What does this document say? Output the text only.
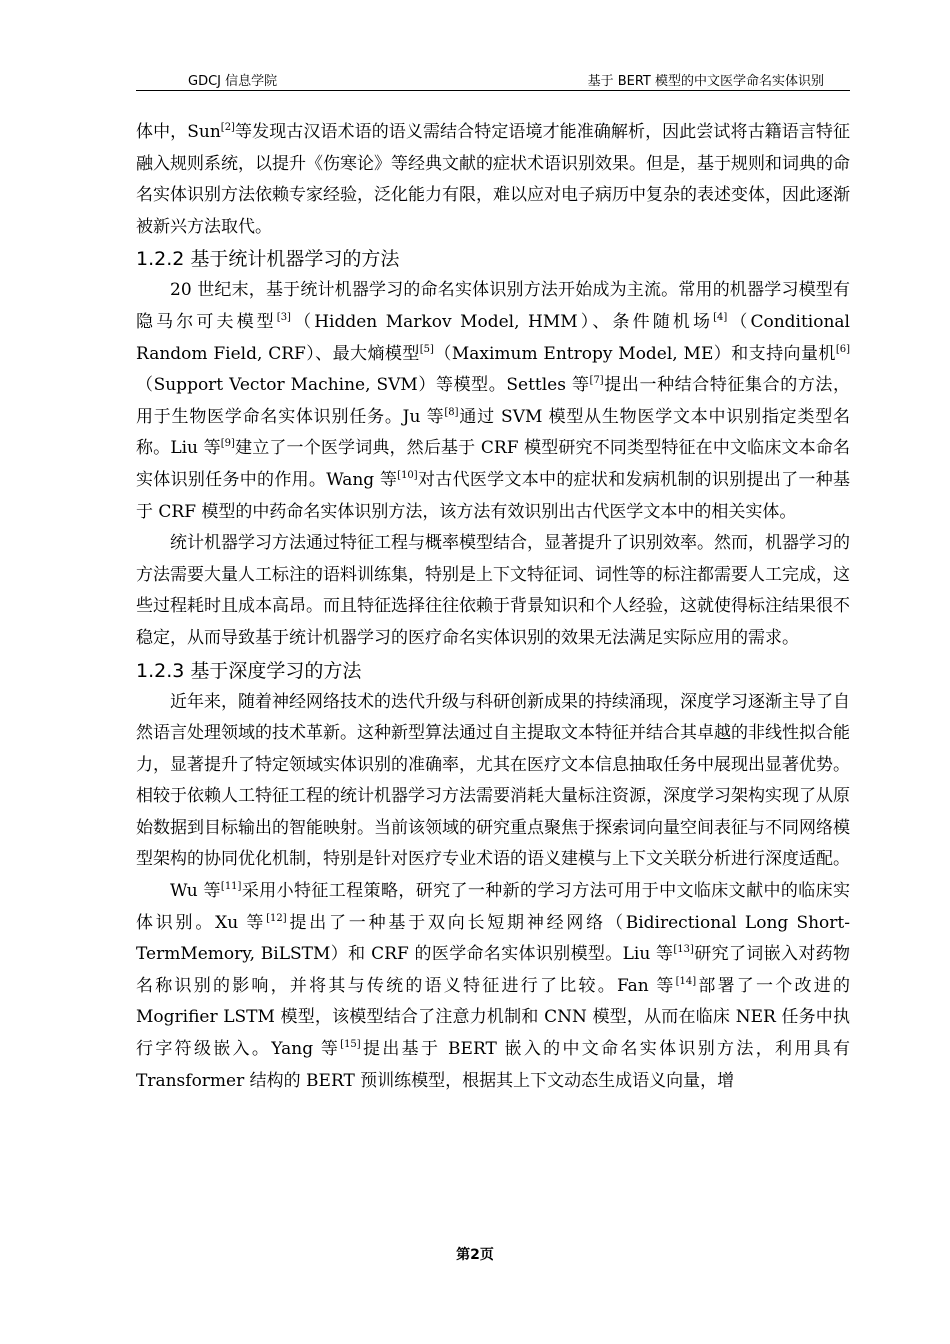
GDCJ 信息学院	基于 BERT 模型的中文医学命名实体识别

体中，Sun[2]等发现古汉语术语的语义需结合特定语境才能准确解析，因此尝试将古籍语言特征融入规则系统，以提升《伤寒论》等经典文献的症状术语识别效果。但是，基于规则和词典的命名实体识别方法依赖专家经验，泛化能力有限，难以应对电子病历中复杂的表述变体，因此逐渐被新兴方法取代。

1.2.2 基于统计机器学习的方法

20 世纪末，基于统计机器学习的命名实体识别方法开始成为主流。常用的机器学习模型有隐马尔可夫模型[3]（Hidden Markov Model, HMM）、条件随机场[4]（Conditional Random Field, CRF）、最大熵模型[5]（Maximum Entropy Model, ME）和支持向量机[6]（Support Vector Machine, SVM）等模型。Settles 等[7]提出一种结合特征集合的方法，用于生物医学命名实体识别任务。Ju 等[8]通过 SVM 模型从生物医学文本中识别指定类型名称。Liu 等[9]建立了一个医学词典，然后基于 CRF 模型研究不同类型特征在中文临床文本命名实体识别任务中的作用。Wang 等[10]对古代医学文本中的症状和发病机制的识别提出了一种基于 CRF 模型的中药命名实体识别方法，该方法有效识别出古代医学文本中的相关实体。

统计机器学习方法通过特征工程与概率模型结合，显著提升了识别效率。然而，机器学习的方法需要大量人工标注的语料训练集，特别是上下文特征词、词性等的标注都需要人工完成，这些过程耗时且成本高昂。而且特征选择往往依赖于背景知识和个人经验，这就使得标注结果很不稳定，从而导致基于统计机器学习的医疗命名实体识别的效果无法满足实际应用的需求。

1.2.3 基于深度学习的方法

近年来，随着神经网络技术的迭代升级与科研创新成果的持续涌现，深度学习逐渐主导了自然语言处理领域的技术革新。这种新型算法通过自主提取文本特征并结合其卓越的非线性拟合能力，显著提升了特定领域实体识别的准确率，尤其在医疗文本信息抽取任务中展现出显著优势。相较于依赖人工特征工程的统计机器学习方法需要消耗大量标注资源，深度学习架构实现了从原始数据到目标输出的智能映射。当前该领域的研究重点聚焦于探索词向量空间表征与不同网络模型架构的协同优化机制，特别是针对医疗专业术语的语义建模与上下文关联分析进行深度适配。

Wu 等[11]采用小特征工程策略，研究了一种新的学习方法可用于中文临床文献中的临床实体识别。Xu 等[12]提出了一种基于双向长短期神经网络（Bidirectional Long Short-TermMemory, BiLSTM）和 CRF 的医学命名实体识别模型。Liu 等[13]研究了词嵌入对药物名称识别的影响，并将其与传统的语义特征进行了比较。Fan 等[14]部署了一个改进的 Mogrifier LSTM 模型，该模型结合了注意力机制和 CNN 模型，从而在临床 NER 任务中执行字符级嵌入。Yang 等[15]提出基于 BERT 嵌入的中文命名实体识别方法，利用具有 Transformer 结构的 BERT 预训练模型，根据其上下文动态生成语义向量，增

第2页
